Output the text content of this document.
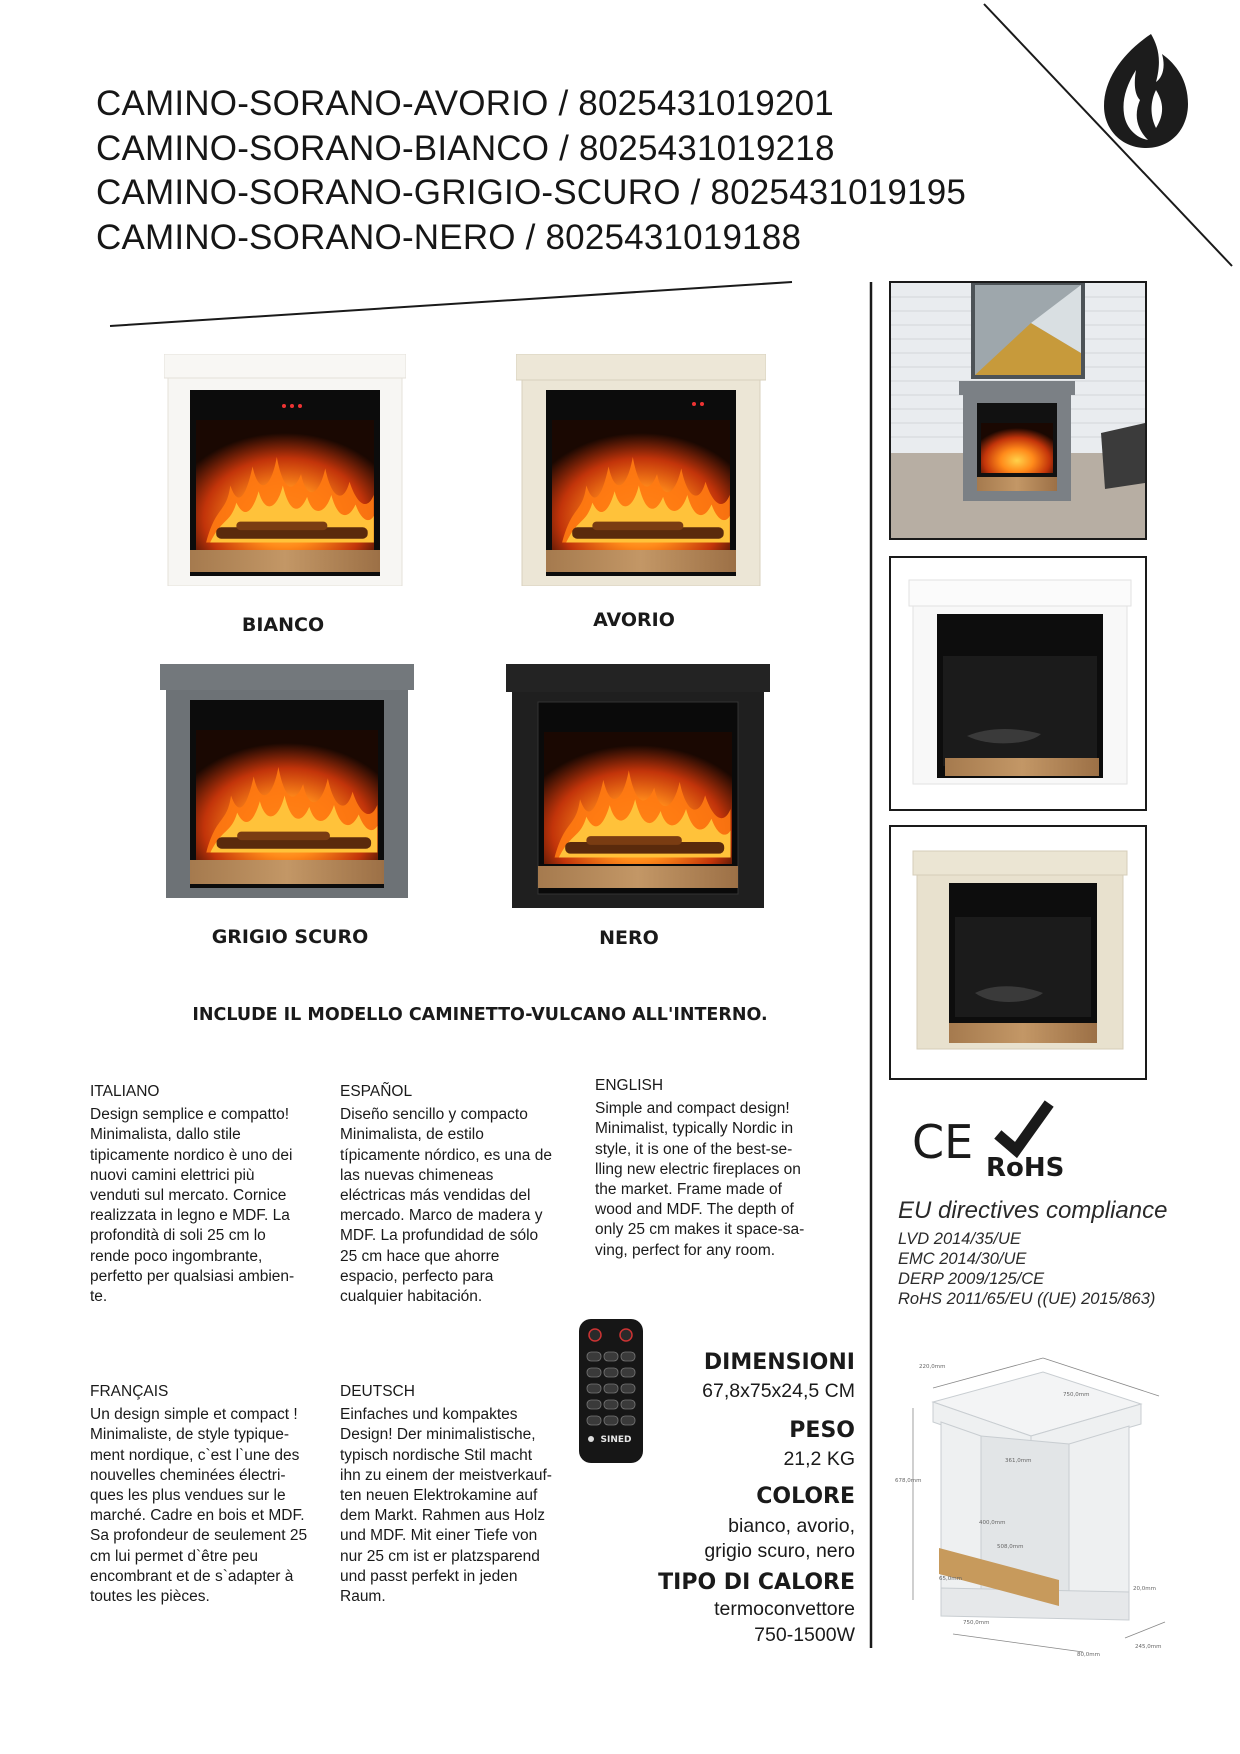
CAMINO-SORANO-AVORIO / 8025431019201
CAMINO-SORANO-BIANCO / 8025431019218
CAMINO-SORANO-GRIGIO-SCURO / 8025431019195
CAMINO-SORANO-NERO / 8025431019188
BIANCO	AVORIO
GRIGIO SCURO	NERO
INCLUDE IL MODELLO CAMINETTO-VULCANO ALL'INTERNO.
ITALIANO
Design semplice e compatto!
Minimalista, dallo stile
tipicamente nordico è uno dei
nuovi camini elettrici più
venduti sul mercato. Cornice
realizzata in legno e MDF. La
profondità di soli 25 cm lo
rende poco ingombrante,
perfetto per qualsiasi ambien-
te.
ESPAÑOL
Diseño sencillo y compacto
Minimalista, de estilo
típicamente nórdico, es una de
las nuevas chimeneas
eléctricas más vendidas del
mercado. Marco de madera y
MDF. La profundidad de sólo
25 cm hace que ahorre
espacio, perfecto para
cualquier habitación.
ENGLISH
Simple and compact design!
Minimalist, typically Nordic in
style, it is one of the best-se-
lling new electric fireplaces on
the market. Frame made of
wood and MDF. The depth of
only 25 cm makes it space-sa-
ving, perfect for any room.
FRANÇAIS
Un design simple et compact !
Minimaliste, de style typique-
ment nordique, c`est l`une des
nouvelles cheminées électri-
ques les plus vendues sur le
marché. Cadre en bois et MDF.
Sa profondeur de seulement 25
cm lui permet d`être peu
encombrant et de s`adapter à
toutes les pièces.
DEUTSCH
Einfaches und kompaktes
Design! Der minimalistische,
typisch nordische Stil macht
ihn zu einem der meistverkauf-
ten neuen Elektrokamine auf
dem Markt. Rahmen aus Holz
und MDF. Mit einer Tiefe von
nur 25 cm ist er platzsparend
und passt perfekt in jeden
Raum.
SINED
DIMENSIONI
67,8x75x24,5 CM
PESO
21,2 KG
COLORE
bianco, avorio,
grigio scuro, nero
TIPO DI CALORE
termoconvettore
750-1500W
CE RoHS
EU directives compliance
LVD 2014/35/UE
EMC 2014/30/UE
DERP 2009/125/CE
RoHS 2011/65/EU ((UE) 2015/863)
220,0mm
750,0mm
678,0mm
361,0mm
400,0mm
508,0mm
65,0mm
20,0mm
750,0mm
80,0mm
245,0mm
